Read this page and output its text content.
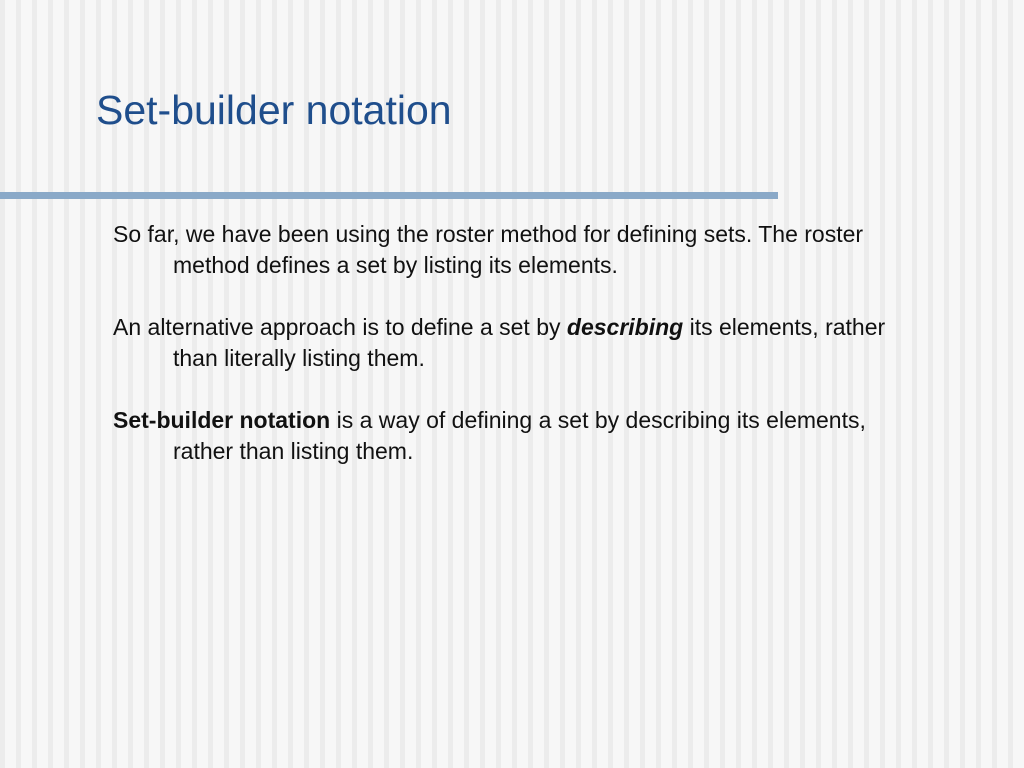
Set-builder notation

So far, we have been using the roster method for defining sets. The roster method defines a set by listing its elements.

An alternative approach is to define a set by describing its elements, rather than literally listing them.

Set-builder notation is a way of defining a set by describing its elements, rather than listing them.
